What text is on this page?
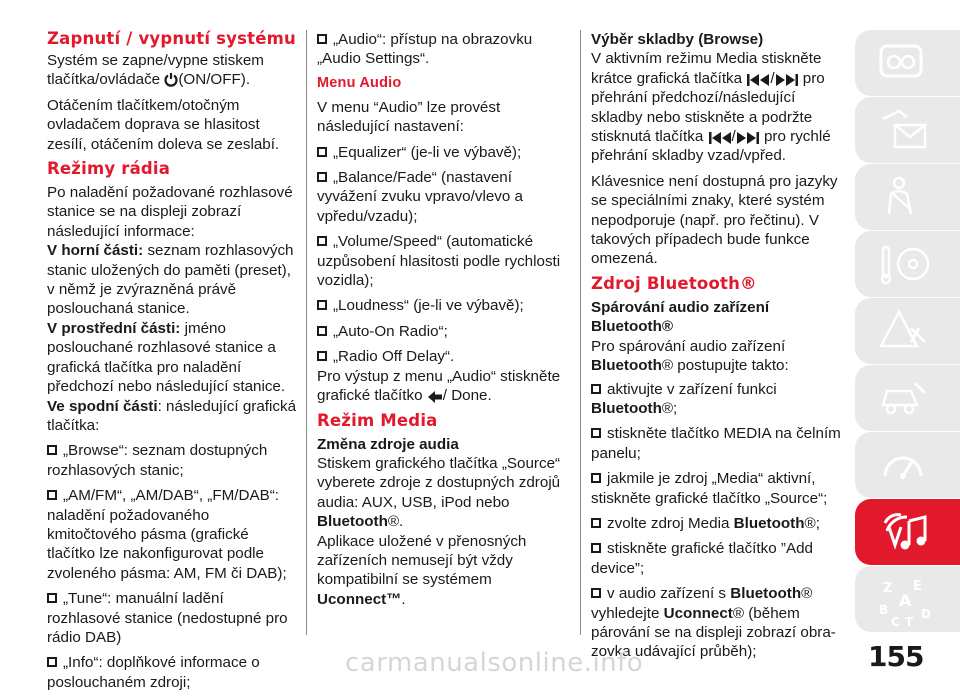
Zapnutí / vypnutí systému

Systém se zapne/vypne stiskem tlačítka/ovládače (ON/OFF).

Otáčením tlačítkem/otočným ovladačem doprava se hlasitost zesílí, otáčením doleva se zeslabí.

Režimy rádia

Po naladění požadované rozhlasové stanice se na displeji zobrazí následující informace:

V horní části: seznam rozhlasových stanic uložených do paměti (preset), v němž je zvýrazněná právě poslouchaná stanice.

V prostřední části: jméno poslouchané rozhlasové stanice a grafická tlačítka pro naladění předchozí nebo následující stanice.

Ve spodní části: následující grafická tlačítka:

„Browse“: seznam dostupných rozhlasových stanic;
„AM/FM“, „AM/DAB“, „FM/DAB“: naladění požadovaného kmitočtového pásma (grafické tlačítko lze nakonfigurovat podle zvoleného pásma: AM, FM či DAB);
„Tune“: manuální ladění rozhlasové stanice (nedostupné pro rádio DAB)
„Info“: doplňkové informace o poslouchaném zdroji;
„Audio“: přístup na obrazovku „Audio Settings“.
Menu Audio

V menu “Audio” lze provést následující nastavení:

„Equalizer“ (je-li ve výbavě);
„Balance/Fade“ (nastavení vyvážení zvuku vpravo/vlevo a vpředu/vzadu);
„Volume/Speed“ (automatické uzpůsobení hlasitosti podle rychlosti vozidla);
„Loudness“ (je-li ve výbavě);
„Auto-On Radio“;
„Radio Off Delay“.

Pro výstup z menu „Audio“ stiskněte grafické tlačítko / Done.

Režim Media
Změna zdroje audia

Stiskem grafického tlačítka „Source“ vyberete zdroje z dostupných zdrojů audia: AUX, USB, iPod nebo Bluetooth®.

Aplikace uložené v přenosných zařízeních nemusejí být vždy kompatibilní se systémem Uconnect™.

Výběr skladby (Browse)

V aktivním režimu Media stiskněte krátce grafická tlačítka / pro přehrání předchozí/následující skladby nebo stiskněte a podržte stisknutá tlačítka / pro rychlé přehrání skladby vzad/vpřed.

Klávesnice není dostupná pro jazyky se speciálními znaky, které systém nepodporuje (např. pro řečtinu). V takových případech bude funkce omezená.

Zdroj Bluetooth®
Spárování audio zařízení Bluetooth®

Pro spárování audio zařízení Bluetooth® postupujte takto:

aktivujte v zařízení funkci Bluetooth®;
stiskněte tlačítko MEDIA na čelním panelu;
jakmile je zdroj „Media“ aktivní, stiskněte grafické tlačítko „Source“;
zvolte zdroj Media Bluetooth®;
stiskněte grafické tlačítko ”Add device”;
v audio zařízení s Bluetooth® vyhledejte Uconnect® (během párování se na displeji zobrazí obra-zovka udávající průběh);
Z E
A
B	D
C T
155
carmanualsonline.info
